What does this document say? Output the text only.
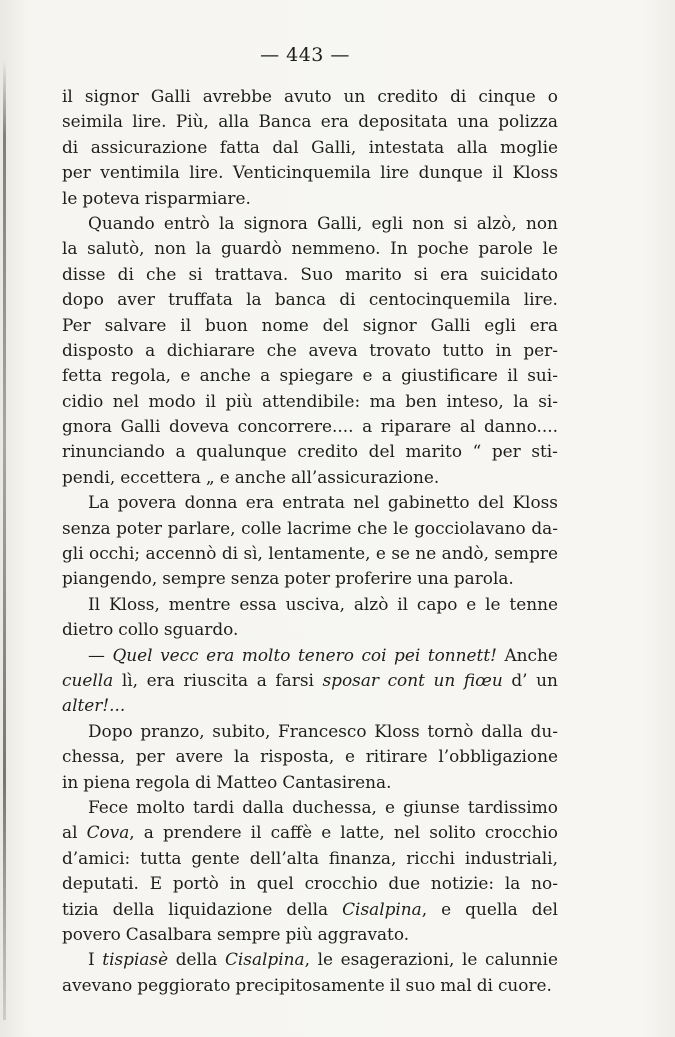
— 443 —
il signor Galli avrebbe avuto un credito di cinque o
seimila lire. Più, alla Banca era depositata una polizza
di assicurazione fatta dal Galli, intestata alla moglie
per ventimila lire. Venticinquemila lire dunque il Kloss
le poteva risparmiare.
Quando entrò la signora Galli, egli non si alzò, non
la salutò, non la guardò nemmeno. In poche parole le
disse di che si trattava. Suo marito si era suicidato
dopo aver truffata la banca di centocinquemila lire.
Per salvare il buon nome del signor Galli egli era
disposto a dichiarare che aveva trovato tutto in per-
fetta regola, e anche a spiegare e a giustificare il sui-
cidio nel modo il più attendibile: ma ben inteso, la si-
gnora Galli doveva concorrere.... a riparare al danno....
rinunciando a qualunque credito del marito “ per sti-
pendi, eccettera „ e anche all’assicurazione.
La povera donna era entrata nel gabinetto del Kloss
senza poter parlare, colle lacrime che le gocciolavano da-
gli occhi; accennò di sì, lentamente, e se ne andò, sempre
piangendo, sempre senza poter proferire una parola.
Il Kloss, mentre essa usciva, alzò il capo e le tenne
dietro collo sguardo.
— Quel vecc era molto tenero coi pei tonnett! Anche
cuella lì, era riuscita a farsi sposar cont un fiœu d’ un
alter!...
Dopo pranzo, subito, Francesco Kloss tornò dalla du-
chessa, per avere la risposta, e ritirare l’obbligazione
in piena regola di Matteo Cantasirena.
Fece molto tardi dalla duchessa, e giunse tardissimo
al Cova, a prendere il caffè e latte, nel solito crocchio
d’amici: tutta gente dell’alta finanza, ricchi industriali,
deputati. E portò in quel crocchio due notizie: la no-
tizia della liquidazione della Cisalpina, e quella del
povero Casalbara sempre più aggravato.
I tispiasè della Cisalpina, le esagerazioni, le calunnie
avevano peggiorato precipitosamente il suo mal di cuore.
